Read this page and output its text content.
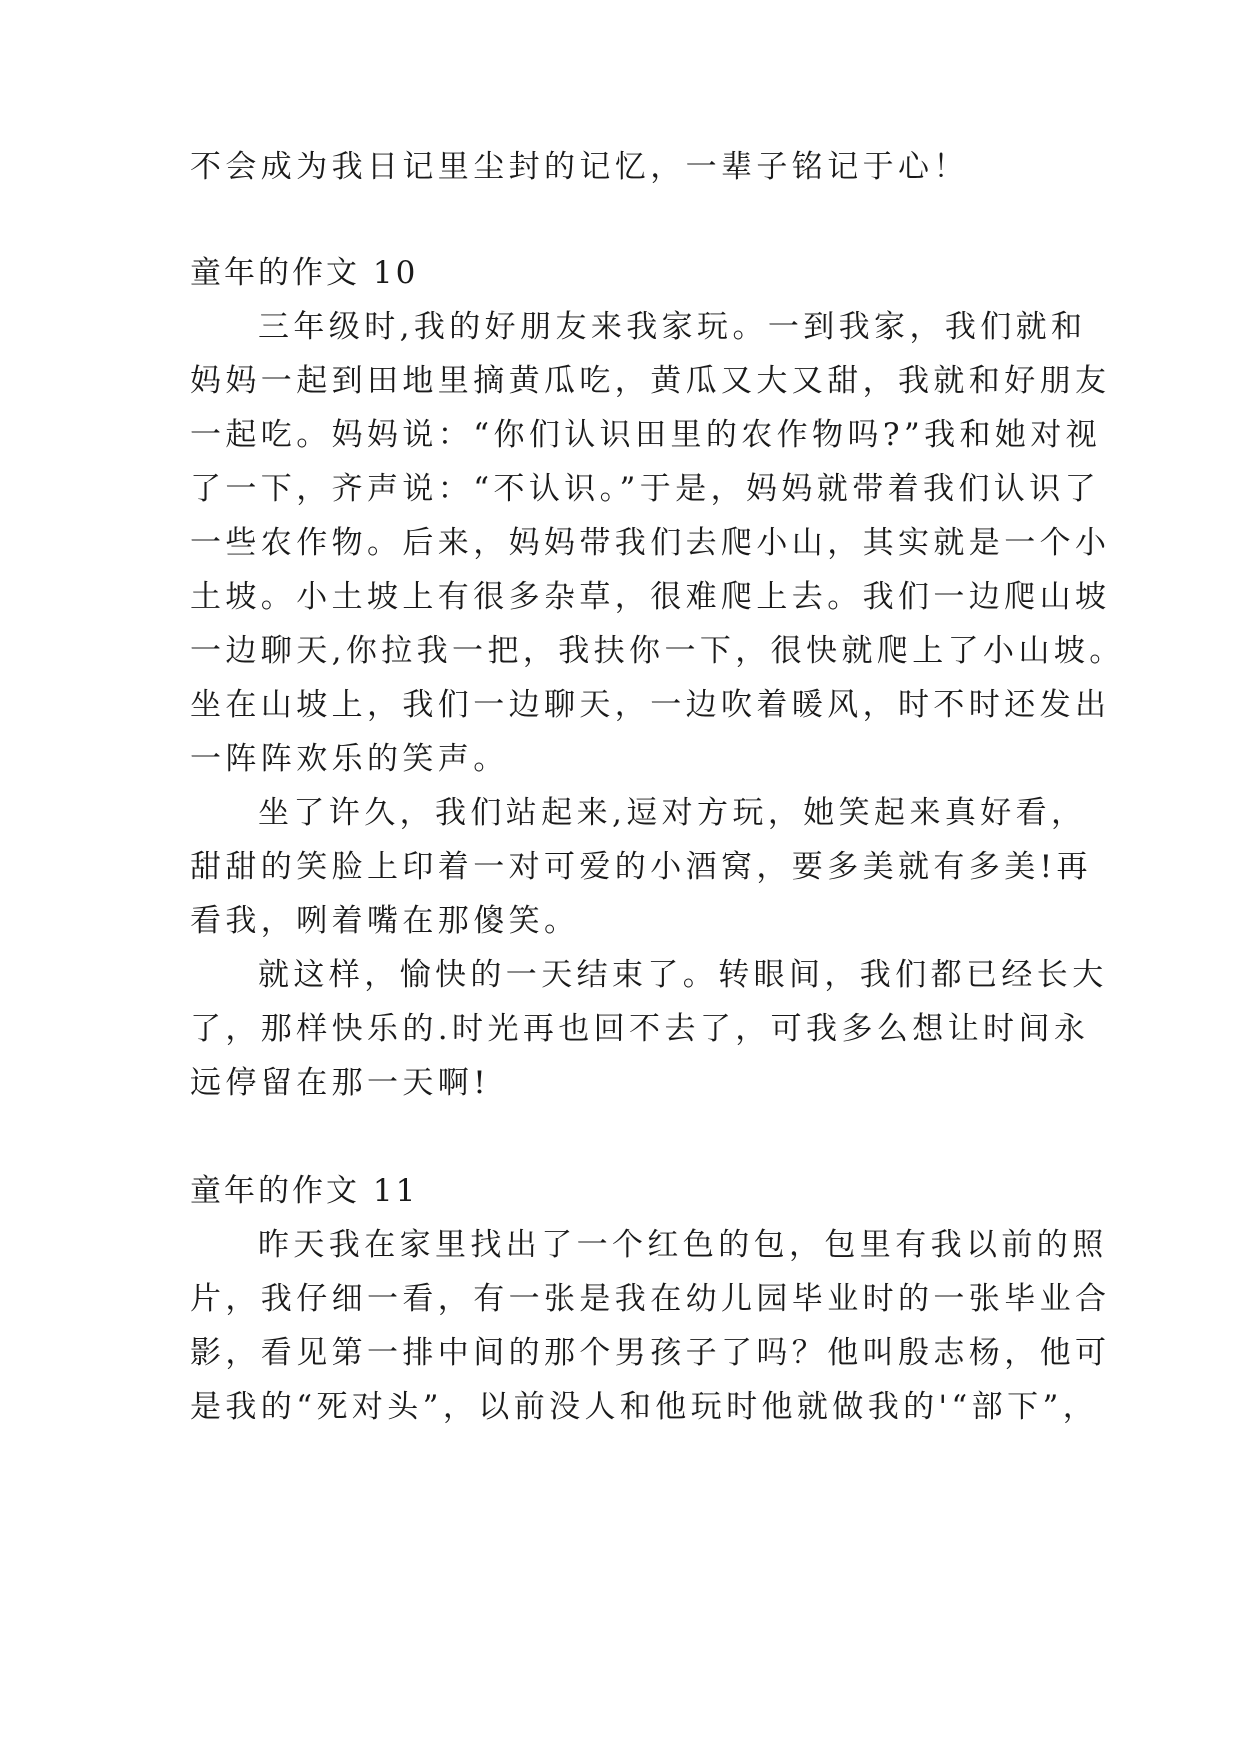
不会成为我日记里尘封的记忆，一辈子铭记于心！
童年的作文 10
三年级时,我的好朋友来我家玩。一到我家，我们就和
妈妈一起到田地里摘黄瓜吃，黄瓜又大又甜，我就和好朋友
一起吃。妈妈说：“你们认识田里的农作物吗?”我和她对视
了一下，齐声说：“不认识。”于是，妈妈就带着我们认识了
一些农作物。后来，妈妈带我们去爬小山，其实就是一个小
土坡。小土坡上有很多杂草，很难爬上去。我们一边爬山坡
一边聊天,你拉我一把，我扶你一下，很快就爬上了小山坡。
坐在山坡上，我们一边聊天，一边吹着暖风，时不时还发出
一阵阵欢乐的笑声。
坐了许久，我们站起来,逗对方玩，她笑起来真好看，
甜甜的笑脸上印着一对可爱的小酒窝，要多美就有多美!再
看我，咧着嘴在那傻笑。
就这样，愉快的一天结束了。转眼间，我们都已经长大
了，那样快乐的.时光再也回不去了，可我多么想让时间永
远停留在那一天啊!
童年的作文 11
昨天我在家里找出了一个红色的包，包里有我以前的照
片，我仔细一看，有一张是我在幼儿园毕业时的一张毕业合
影，看见第一排中间的那个男孩子了吗？他叫殷志杨，他可
是我的“死对头”，以前没人和他玩时他就做我的'“部下”，
